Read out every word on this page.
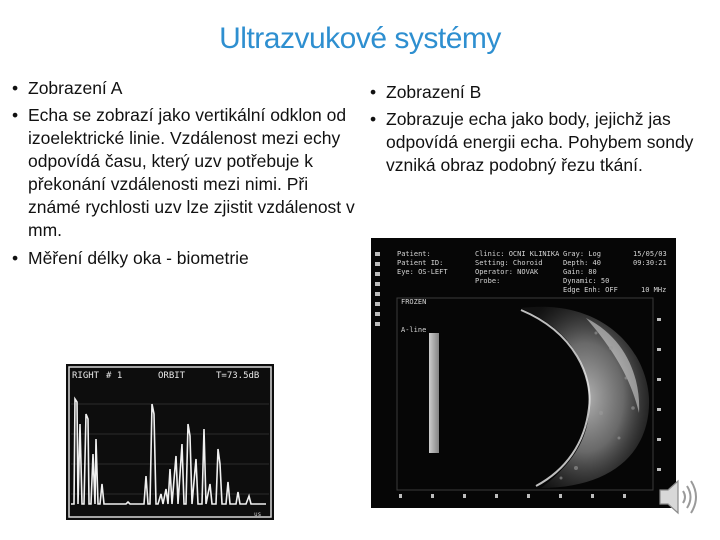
Ultrazvukové systémy
• Zobrazení A
• Echa se zobrazí jako vertikální odklon od izoelektrické linie. Vzdálenost mezi echy odpovídá času, který uzv potřebuje k překonání vzdálenosti mezi nimi. Při známé rychlosti uzv lze zjistit vzdálenost v mm.
• Měření délky oka - biometrie
• Zobrazení B
• Zobrazuje echa jako body, jejichž jas odpovídá energii echa. Pohybem sondy vzniká obraz podobný řezu tkání.
RIGHT # 1	ORBIT	T=73.5dB
us
Patient:
Patient ID:
Eye: OS-LEFT
Clinic: OCNI KLINIKA
Setting: Choroid
Operator: NOVAK
Probe:
Gray: Log
Depth: 40
Gain: 80
Dynamic: 50
Edge Enh: OFF
15/05/03
09:30:21
10 MHz
FROZEN
A-line
